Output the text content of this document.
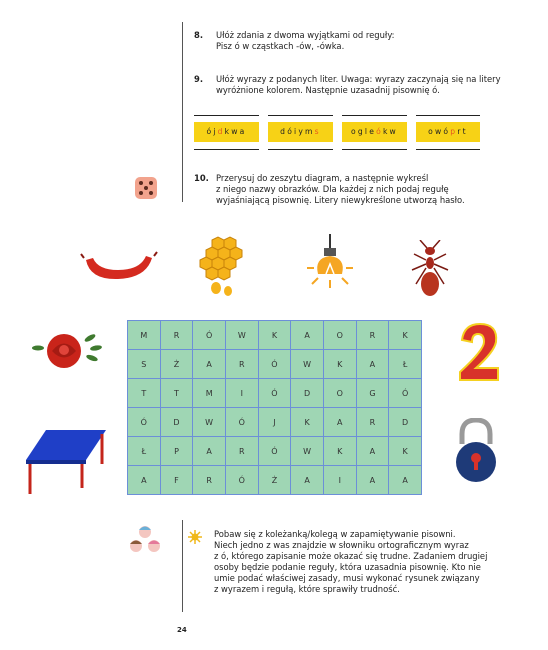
8. Ułóż zdania z dwoma wyjątkami od reguły:
Pisz ó w cząstkach -ów, -ówka.
9. Ułóż wyrazy z podanych liter. Uwaga: wyrazy zaczynają się na litery
wyróżnione kolorem. Następnie uzasadnij pisownię ó.
ójdkwa	dóiyms	ogleókw	owóprt
10. Przerysuj do zeszytu diagram, a następnie wykreśl
z niego nazwy obrazków. Dla każdej z nich podaj regułę
wyjaśniającą pisownię. Litery niewykreślone utworzą hasło.
M	R	Ó	W	K	A	O	R	K
S	Ż	A	R	Ó	W	K	A	Ł
T	T	M	I	Ó	D	O	G	Ó
Ó	D	W	Ó	J	K	A	R	D
Ł	P	A	R	Ó	W	K	A	K
A	F	R	Ó	Ż	A	I	A	A
Pobaw się z koleżanką/kolegą w zapamiętywanie pisowni.
Niech jedno z was znajdzie w słowniku ortograficznym wyraz
z ó, którego zapisanie może okazać się trudne. Zadaniem drugiej
osoby będzie podanie reguły, która uzasadnia pisownię. Kto nie
umie podać właściwej zasady, musi wykonać rysunek związany
z wyrazem i regułą, które sprawiły trudność.
24
